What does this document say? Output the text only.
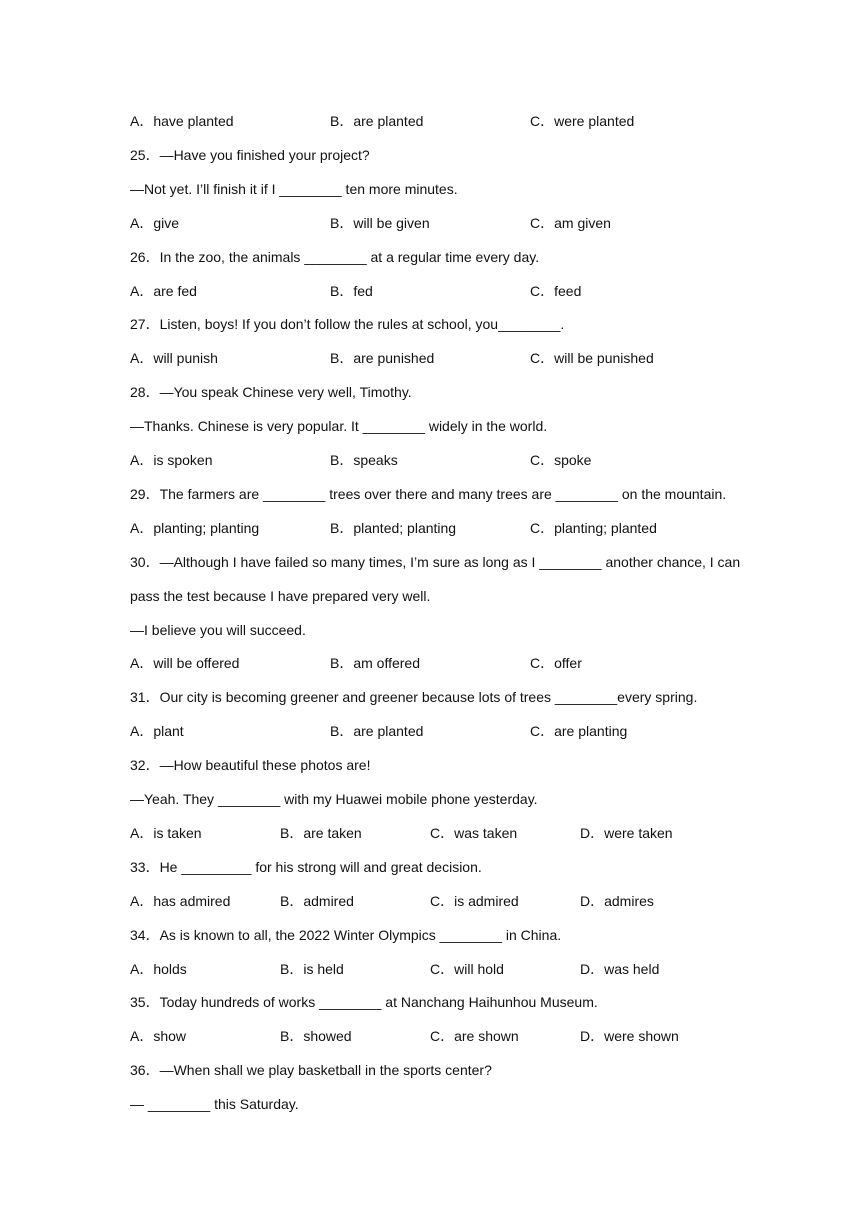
A．have planted	B．are planted	C．were planted
25．—Have you finished your project?
—Not yet. I’ll finish it if I ________ ten more minutes.
A．give	B．will be given	C．am given
26．In the zoo, the animals ________ at a regular time every day.
A．are fed	B．fed	C．feed
27．Listen, boys! If you don’t follow the rules at school, you________.
A．will punish	B．are punished	C．will be punished
28．—You speak Chinese very well, Timothy.
—Thanks. Chinese is very popular. It ________ widely in the world.
A．is spoken	B．speaks	C．spoke
29．The farmers are ________ trees over there and many trees are ________ on the mountain.
A．planting; planting	B．planted; planting	C．planting; planted
30．—Although I have failed so many times, I’m sure as long as I ________ another chance, I can
pass the test because I have prepared very well.
—I believe you will succeed.
A．will be offered	B．am offered	C．offer
31．Our city is becoming greener and greener because lots of trees ________every spring.
A．plant	B．are planted	C．are planting
32．—How beautiful these photos are!
—Yeah. They ________ with my Huawei mobile phone yesterday.
A．is taken	B．are taken	C．was taken	D．were taken
33．He _________ for his strong will and great decision.
A．has admired	B．admired	C．is admired	D．admires
34．As is known to all, the 2022 Winter Olympics ________ in China.
A．holds	B．is held	C．will hold	D．was held
35．Today hundreds of works ________ at Nanchang Haihunhou Museum.
A．show	B．showed	C．are shown	D．were shown
36．—When shall we play basketball in the sports center?
— ________ this Saturday.
